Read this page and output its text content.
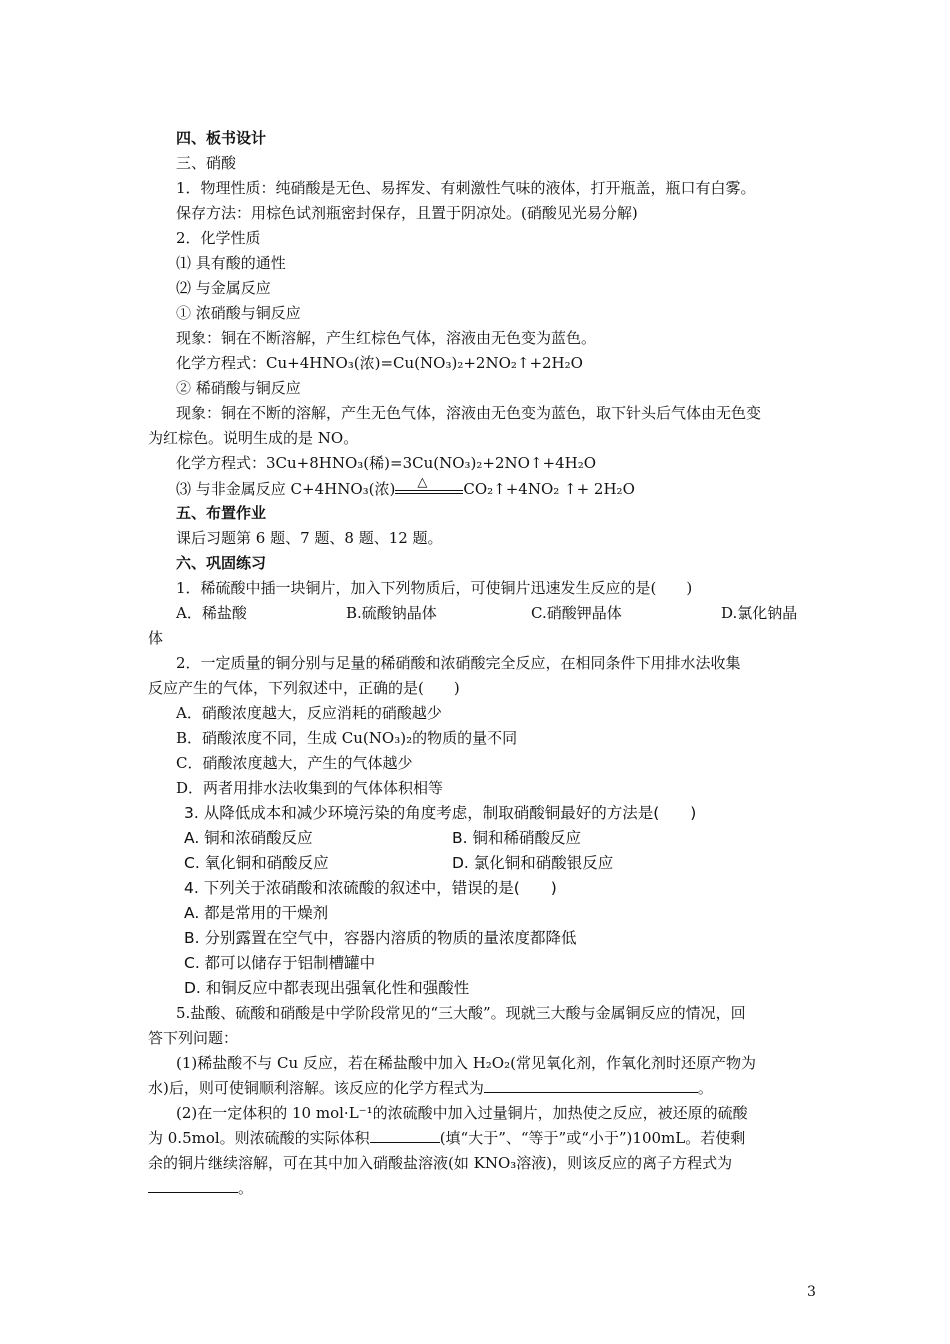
四、板书设计
三、硝酸
1．物理性质：纯硝酸是无色、易挥发、有刺激性气味的液体，打开瓶盖，瓶口有白雾。
保存方法：用棕色试剂瓶密封保存，且置于阴凉处。(硝酸见光易分解)
2．化学性质
⑴ 具有酸的通性
⑵ 与金属反应
① 浓硝酸与铜反应
现象：铜在不断溶解，产生红棕色气体，溶液由无色变为蓝色。
化学方程式：Cu+4HNO₃(浓)=Cu(NO₃)₂+2NO₂↑+2H₂O
② 稀硝酸与铜反应
现象：铜在不断的溶解，产生无色气体，溶液由无色变为蓝色，取下针头后气体由无色变
为红棕色。说明生成的是 NO。
化学方程式：3Cu+8HNO₃(稀)=3Cu(NO₃)₂+2NO↑+4H₂O
⑶ 与非金属反应 C+4HNO₃(浓) △ CO₂↑+4NO₂ ↑+ 2H₂O
五、布置作业
课后习题第 6 题、7 题、8 题、12 题。
六、巩固练习
1．稀硫酸中插一块铜片，加入下列物质后，可使铜片迅速发生反应的是(　　)
A．稀盐酸	B.硫酸钠晶体	C.硝酸钾晶体	D.氯化钠晶
体
2．一定质量的铜分别与足量的稀硝酸和浓硝酸完全反应，在相同条件下用排水法收集
反应产生的气体，下列叙述中，正确的是(　　)
A．硝酸浓度越大，反应消耗的硝酸越少
B．硝酸浓度不同，生成 Cu(NO₃)₂的物质的量不同
C．硝酸浓度越大，产生的气体越少
D．两者用排水法收集到的气体体积相等
3. 从降低成本和减少环境污染的角度考虑，制取硝酸铜最好的方法是(　　)
A. 铜和浓硝酸反应	B. 铜和稀硝酸反应
C. 氧化铜和硝酸反应	D. 氯化铜和硝酸银反应
4. 下列关于浓硝酸和浓硫酸的叙述中，错误的是(　　)
A. 都是常用的干燥剂
B. 分别露置在空气中，容器内溶质的物质的量浓度都降低
C. 都可以储存于铝制槽罐中
D. 和铜反应中都表现出强氧化性和强酸性
5.盐酸、硫酸和硝酸是中学阶段常见的“三大酸”。现就三大酸与金属铜反应的情况，回
答下列问题：
(1)稀盐酸不与 Cu 反应，若在稀盐酸中加入 H₂O₂(常见氧化剂，作氧化剂时还原产物为
水)后，则可使铜顺利溶解。该反应的化学方程式为	。
(2)在一定体积的 10 mol·L⁻¹的浓硫酸中加入过量铜片，加热使之反应，被还原的硫酸
为 0.5mol。则浓硫酸的实际体积	(填“大于”、“等于”或“小于”)100mL。若使剩
余的铜片继续溶解，可在其中加入硝酸盐溶液(如 KNO₃溶液)，则该反应的离子方程式为
。
3
